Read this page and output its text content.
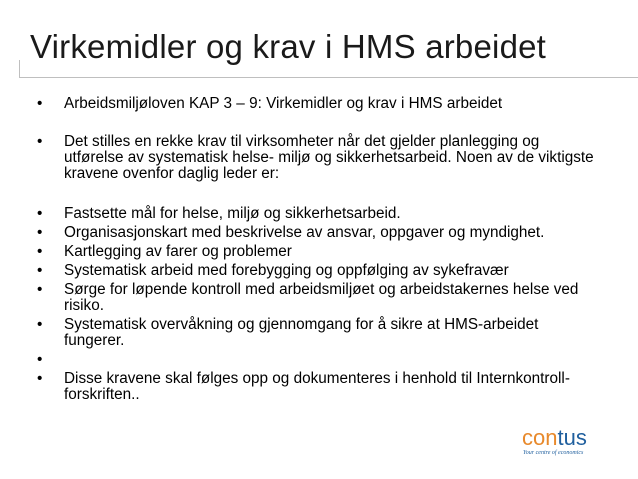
Virkemidler og krav i HMS arbeidet
•	Arbeidsmiljøloven KAP 3 – 9: Virkemidler og krav i HMS arbeidet
•	Det stilles en rekke krav til virksomheter når det gjelder planlegging og utførelse av systematisk helse- miljø og sikkerhetsarbeid. Noen av de viktigste kravene ovenfor daglig leder er:
•	Fastsette mål for helse, miljø og sikkerhetsarbeid.
•	Organisasjonskart med beskrivelse av ansvar, oppgaver og myndighet.
•	Kartlegging av farer og problemer
•	Systematisk arbeid med forebygging og oppfølging av sykefravær
•	Sørge for løpende kontroll med arbeidsmiljøet og arbeidstakernes helse ved risiko.
•	Systematisk overvåkning og gjennomgang for å sikre at HMS-arbeidet fungerer.
•

•	Disse kravene skal følges opp og dokumenteres i henhold til Internkontroll-forskriften..
contus
Your centre of economics
